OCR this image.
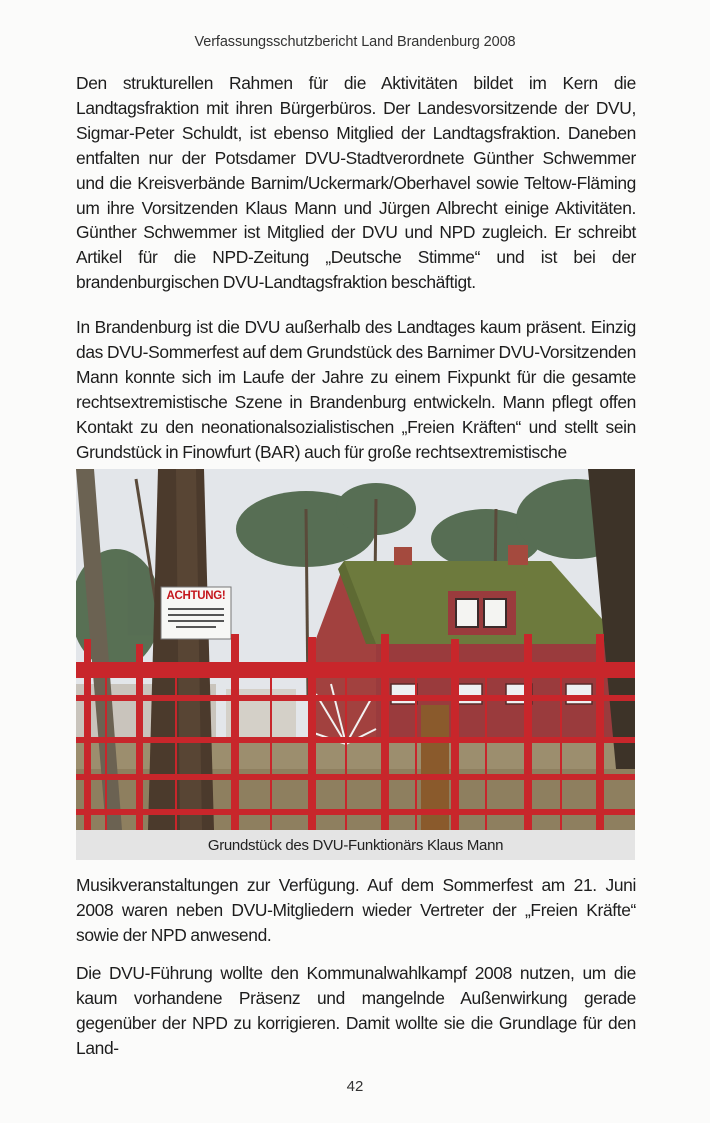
Verfassungsschutzbericht Land Brandenburg 2008

Den strukturellen Rahmen für die Aktivitäten bildet im Kern die Landtagsfraktion mit ihren Bürgerbüros. Der Landesvorsitzende der DVU, Sigmar-Peter Schuldt, ist ebenso Mitglied der Landtagsfraktion. Daneben entfalten nur der Potsdamer DVU-Stadtverordnete Günther Schwemmer und die Kreisverbände Barnim/Uckermark/Oberhavel sowie Teltow-Fläming um ihre Vorsitzenden Klaus Mann und Jürgen Albrecht einige Aktivitäten. Günther Schwemmer ist Mitglied der DVU und NPD zugleich. Er schreibt Artikel für die NPD-Zeitung „Deutsche Stimme“ und ist bei der brandenburgischen DVU-Landtagsfraktion beschäftigt.

In Brandenburg ist die DVU außerhalb des Landtages kaum präsent. Einzig das DVU-Sommerfest auf dem Grundstück des Barnimer DVU-Vorsitzenden Mann konnte sich im Laufe der Jahre zu einem Fixpunkt für die gesamte rechtsextremistische Szene in Brandenburg entwickeln. Mann pflegt offen Kontakt zu den neonationalsozialistischen „Freien Kräften“ und stellt sein Grundstück in Finowfurt (BAR) auch für große rechtsextremistische

ACHTUNG!
Grundstück des DVU-Funktionärs Klaus Mann

Musikveranstaltungen zur Verfügung. Auf dem Sommerfest am 21. Juni 2008 waren neben DVU-Mitgliedern wieder Vertreter der „Freien Kräfte“ sowie der NPD anwesend.

Die DVU-Führung wollte den Kommunalwahlkampf 2008 nutzen, um die kaum vorhandene Präsenz und mangelnde Außenwirkung gerade gegenüber der NPD zu korrigieren. Damit wollte sie die Grundlage für den Land-

42
